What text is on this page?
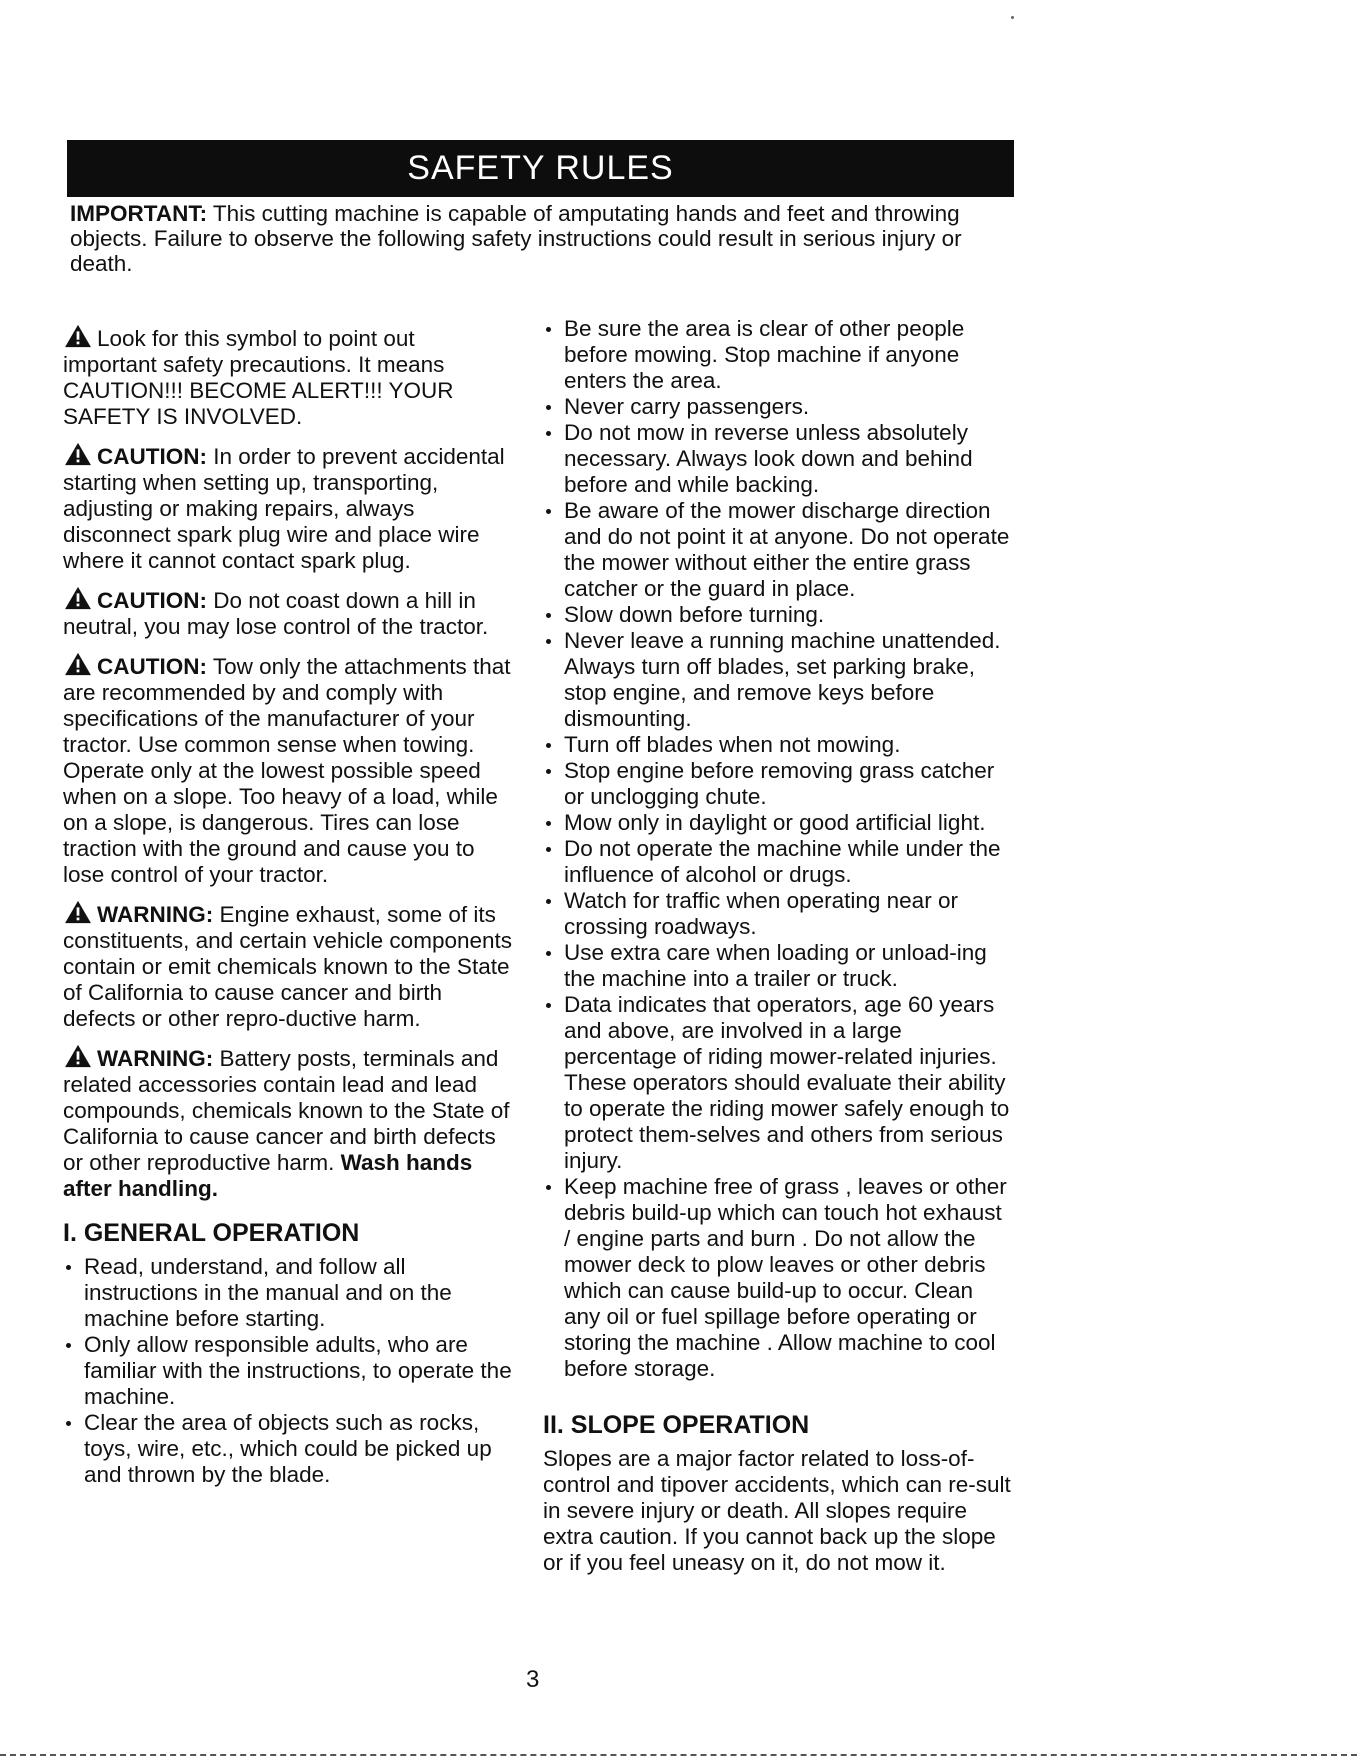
SAFETY RULES
IMPORTANT: This cutting machine is capable of amputating hands and feet and throwing objects. Failure to observe the following safety instructions could result in serious injury or death.

Look for this symbol to point out important safety precautions. It means CAUTION!!! BECOME ALERT!!! YOUR SAFETY IS INVOLVED.

CAUTION: In order to prevent accidental starting when setting up, transporting, adjusting or making repairs, always disconnect spark plug wire and place wire where it cannot contact spark plug.

CAUTION: Do not coast down a hill in neutral, you may lose control of the tractor.

CAUTION: Tow only the attachments that are recommended by and comply with specifications of the manufacturer of your tractor. Use common sense when towing. Operate only at the lowest possible speed when on a slope. Too heavy of a load, while on a slope, is dangerous. Tires can lose traction with the ground and cause you to lose control of your tractor.

WARNING: Engine exhaust, some of its constituents, and certain vehicle components contain or emit chemicals known to the State of California to cause cancer and birth defects or other repro-ductive harm.

WARNING: Battery posts, terminals and related accessories contain lead and lead compounds, chemicals known to the State of California to cause cancer and birth defects or other reproductive harm. Wash hands after handling.

I. GENERAL OPERATION
Read, understand, and follow all instructions in the manual and on the machine before starting.
Only allow responsible adults, who are familiar with the instructions, to operate the machine.
Clear the area of objects such as rocks, toys, wire, etc., which could be picked up and thrown by the blade.
Be sure the area is clear of other people before mowing. Stop machine if anyone enters the area.
Never carry passengers.
Do not mow in reverse unless absolutely necessary. Always look down and behind before and while backing.
Be aware of the mower discharge direction and do not point it at anyone. Do not operate the mower without either the entire grass catcher or the guard in place.
Slow down before turning.
Never leave a running machine unattended. Always turn off blades, set parking brake, stop engine, and remove keys before dismounting.
Turn off blades when not mowing.
Stop engine before removing grass catcher or unclogging chute.
Mow only in daylight or good artificial light.
Do not operate the machine while under the influence of alcohol or drugs.
Watch for traffic when operating near or crossing roadways.
Use extra care when loading or unload-ing the machine into a trailer or truck.
Data indicates that operators, age 60 years and above, are involved in a large percentage of riding mower-related injuries. These operators should evaluate their ability to operate the riding mower safely enough to protect them-selves and others from serious injury.
Keep machine free of grass , leaves or other debris build-up which can touch hot exhaust / engine parts and burn . Do not allow the mower deck to plow leaves or other debris which can cause build-up to occur. Clean any oil or fuel spillage before operating or storing the machine . Allow machine to cool before storage.
II. SLOPE OPERATION

Slopes are a major factor related to loss-of-control and tipover accidents, which can re-sult in severe injury or death. All slopes require extra caution. If you cannot back up the slope or if you feel uneasy on it, do not mow it.

3
